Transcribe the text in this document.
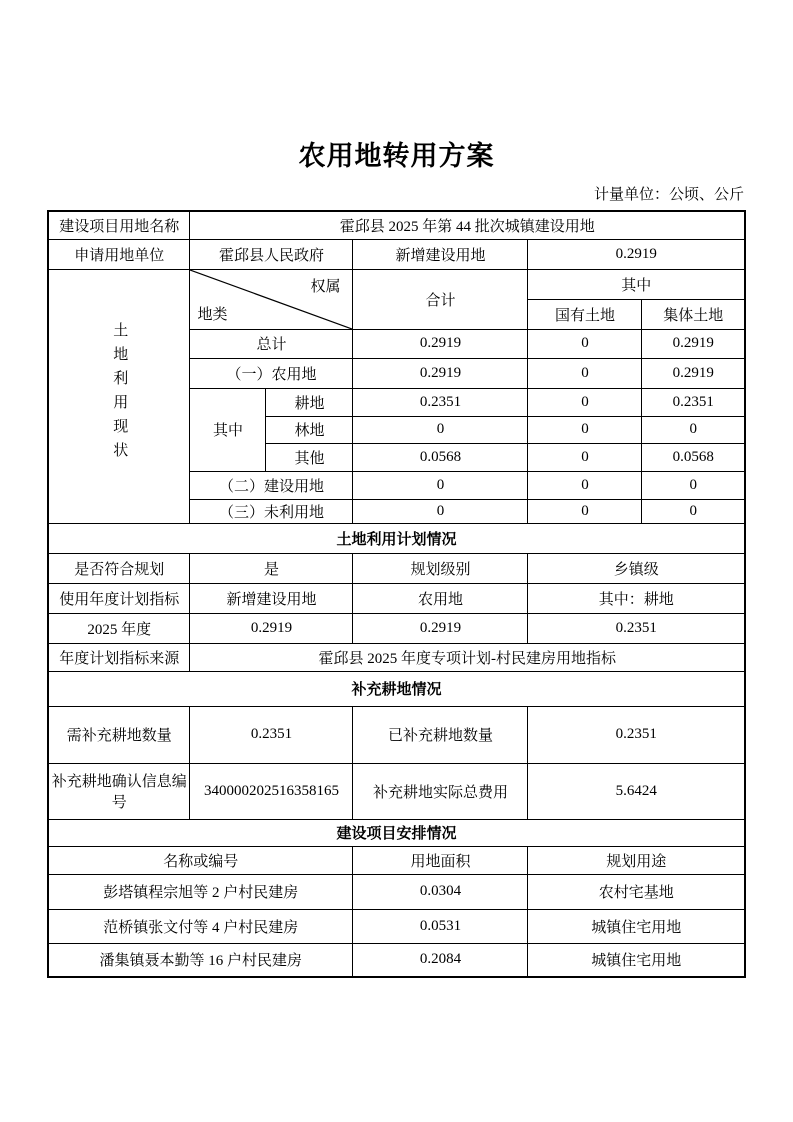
农用地转用方案
计量单位：公顷、公斤
建设项目用地名称	霍邱县 2025 年第 44 批次城镇建设用地				
申请用地单位	霍邱县人民政府		新增建设用地	0.2919	
土地利用现状	权属
地类		合计	其中	
				国有土地	集体土地
	总计		0.2919	0	0.2919
	（一）农用地		0.2919	0	0.2919
	其中	耕地	0.2351	0	0.2351
		林地	0	0	0
		其他	0.0568	0	0.0568
	（二）建设用地		0	0	0
	（三）未利用地		0	0	0
土地利用计划情况					
是否符合规划	是		规划级别	乡镇级	
使用年度计划指标	新增建设用地		农用地	其中：耕地	
2025 年度	0.2919		0.2919	0.2351	
年度计划指标来源	霍邱县 2025 年度专项计划-村民建房用地指标				
补充耕地情况					
需补充耕地数量	0.2351		已补充耕地数量	0.2351	
补充耕地确认信息编号	340000202516358165		补充耕地实际总费用	5.6424	
建设项目安排情况					
名称或编号			用地面积	规划用途	
彭塔镇程宗旭等 2 户村民建房			0.0304	农村宅基地	
范桥镇张文付等 4 户村民建房			0.0531	城镇住宅用地	
潘集镇聂本勤等 16 户村民建房			0.2084	城镇住宅用地	
